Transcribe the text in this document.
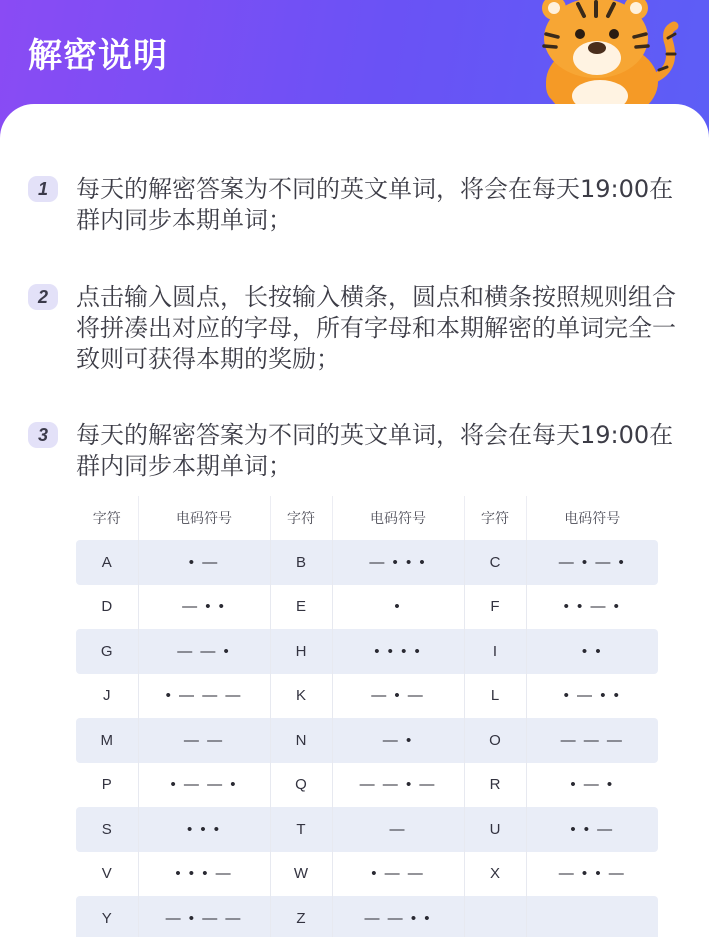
解密说明
1	每天的解密答案为不同的英文单词，将会在每天19:00在群内同步本期单词；
2	点击输入圆点，长按输入横条，圆点和横条按照规则组合将拼凑出对应的字母，所有字母和本期解密的单词完全一致则可获得本期的奖励；
3	每天的解密答案为不同的英文单词，将会在每天19:00在群内同步本期单词；
字符	电码符号	字符	电码符号	字符	电码符号
A	• —	B	— • • •	C	— • — •
D	— • •	E	•	F	• • — •
G	— — •	H	• • • •	I	• •
J	• — — —	K	— • —	L	• — • •
M	— —	N	— •	O	— — —
P	• — — •	Q	— — • —	R	• — •
S	• • •	T	—	U	• • —
V	• • • —	W	• — —	X	— • • —
Y	— • — —	Z	— — • •		
